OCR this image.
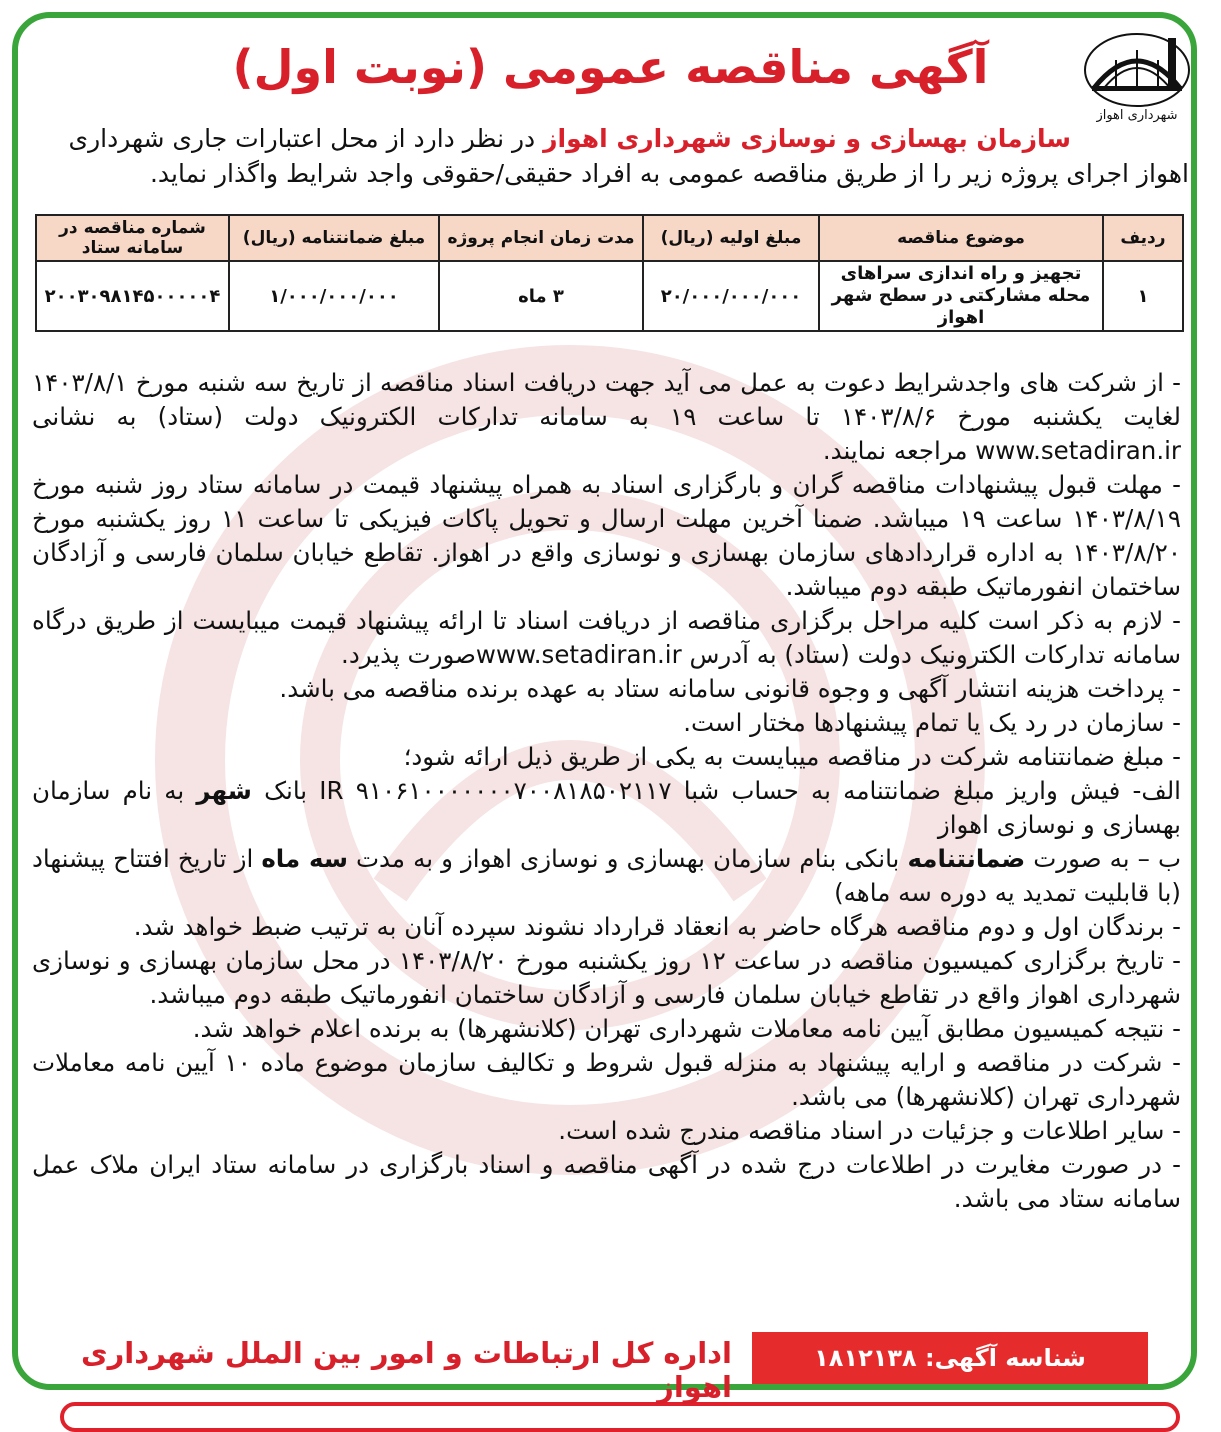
شهرداری اهواز
آگهی مناقصه عمومی (نوبت اول)
سازمان بهسازی و نوسازی شهرداری اهواز در نظر دارد از محل اعتبارات جاری شهرداری
اهواز اجرای پروژه زیر را از طریق مناقصه عمومی به افراد حقیقی/حقوقی واجد شرایط واگذار نماید.
ردیف	موضوع مناقصه	مبلغ اولیه (ریال)	مدت زمان انجام پروژه	مبلغ ضمانتنامه (ریال)	شماره مناقصه در سامانه ستاد
۱	تجهیز و راه اندازی سراهای محله مشارکتی در سطح شهر اهواز	۲۰/۰۰۰/۰۰۰/۰۰۰	۳ ماه	۱/۰۰۰/۰۰۰/۰۰۰	۲۰۰۳۰۹۸۱۴۵۰۰۰۰۰۴

- از شرکت های واجدشرایط دعوت به عمل می آید جهت دریافت اسناد مناقصه از تاریخ سه شنبه مورخ ۱۴۰۳/۸/۱ لغایت یکشنبه مورخ ۱۴۰۳/۸/۶ تا ساعت ۱۹ به سامانه تدارکات الکترونیک دولت (ستاد) به نشانی www.setadiran.ir مراجعه نمایند.

- مهلت قبول پیشنهادات مناقصه گران و بارگزاری اسناد به همراه پیشنهاد قیمت در سامانه ستاد روز شنبه مورخ ۱۴۰۳/۸/۱۹ ساعت ۱۹ میباشد. ضمنا آخرین مهلت ارسال و تحویل پاکات فیزیکی تا ساعت ۱۱ روز یکشنبه مورخ ۱۴۰۳/۸/۲۰ به اداره قراردادهای سازمان بهسازی و نوسازی واقع در اهواز. تقاطع خیابان سلمان فارسی و آزادگان ساختمان انفورماتیک طبقه دوم میباشد.

- لازم به ذکر است کلیه مراحل برگزاری مناقصه از دریافت اسناد تا ارائه پیشنهاد قیمت میبایست از طریق درگاه سامانه تدارکات الکترونیک دولت (ستاد) به آدرس www.setadiran.irصورت پذیرد.

- پرداخت هزینه انتشار آگهی و وجوه قانونی سامانه ستاد به عهده برنده مناقصه می باشد.

- سازمان در رد یک یا تمام پیشنهادها مختار است.

- مبلغ ضمانتنامه شرکت در مناقصه میبایست به یکی از طریق ذیل ارائه شود؛

الف- فیش واریز مبلغ ضمانتنامه به حساب شبا IR ۹۱۰۶۱۰۰۰۰۰۰۰۷۰۰۸۱۸۵۰۲۱۱۷ بانک شهر به نام سازمان بهسازی و نوسازی اهواز

ب – به صورت ضمانتنامه بانکی بنام سازمان بهسازی و نوسازی اهواز و به مدت سه ماه از تاریخ افتتاح پیشنهاد (با قابلیت تمدید یه دوره سه ماهه)

- برندگان اول و دوم مناقصه هرگاه حاضر به انعقاد قرارداد نشوند سپرده آنان به ترتیب ضبط خواهد شد.

- تاریخ برگزاری کمیسیون مناقصه در ساعت ۱۲ روز یکشنبه مورخ ۱۴۰۳/۸/۲۰ در محل سازمان بهسازی و نوسازی شهرداری اهواز واقع در تقاطع خیابان سلمان فارسی و آزادگان ساختمان انفورماتیک طبقه دوم میباشد.

- نتیجه کمیسیون مطابق آیین نامه معاملات شهرداری تهران (کلانشهرها) به برنده اعلام خواهد شد.

- شرکت در مناقصه و ارایه پیشنهاد به منزله قبول شروط و تکالیف سازمان موضوع ماده ۱۰ آیین نامه معاملات شهرداری تهران (کلانشهرها) می باشد.

- سایر اطلاعات و جزئیات در اسناد مناقصه مندرج شده است.

- در صورت مغایرت در اطلاعات درج شده در آگهی مناقصه و اسناد بارگزاری در سامانه ستاد ایران ملاک عمل سامانه ستاد می باشد.

شناسه آگهی: ۱۸۱۲۱۳۸
اداره کل ارتباطات و امور بین الملل شهرداری اهواز
